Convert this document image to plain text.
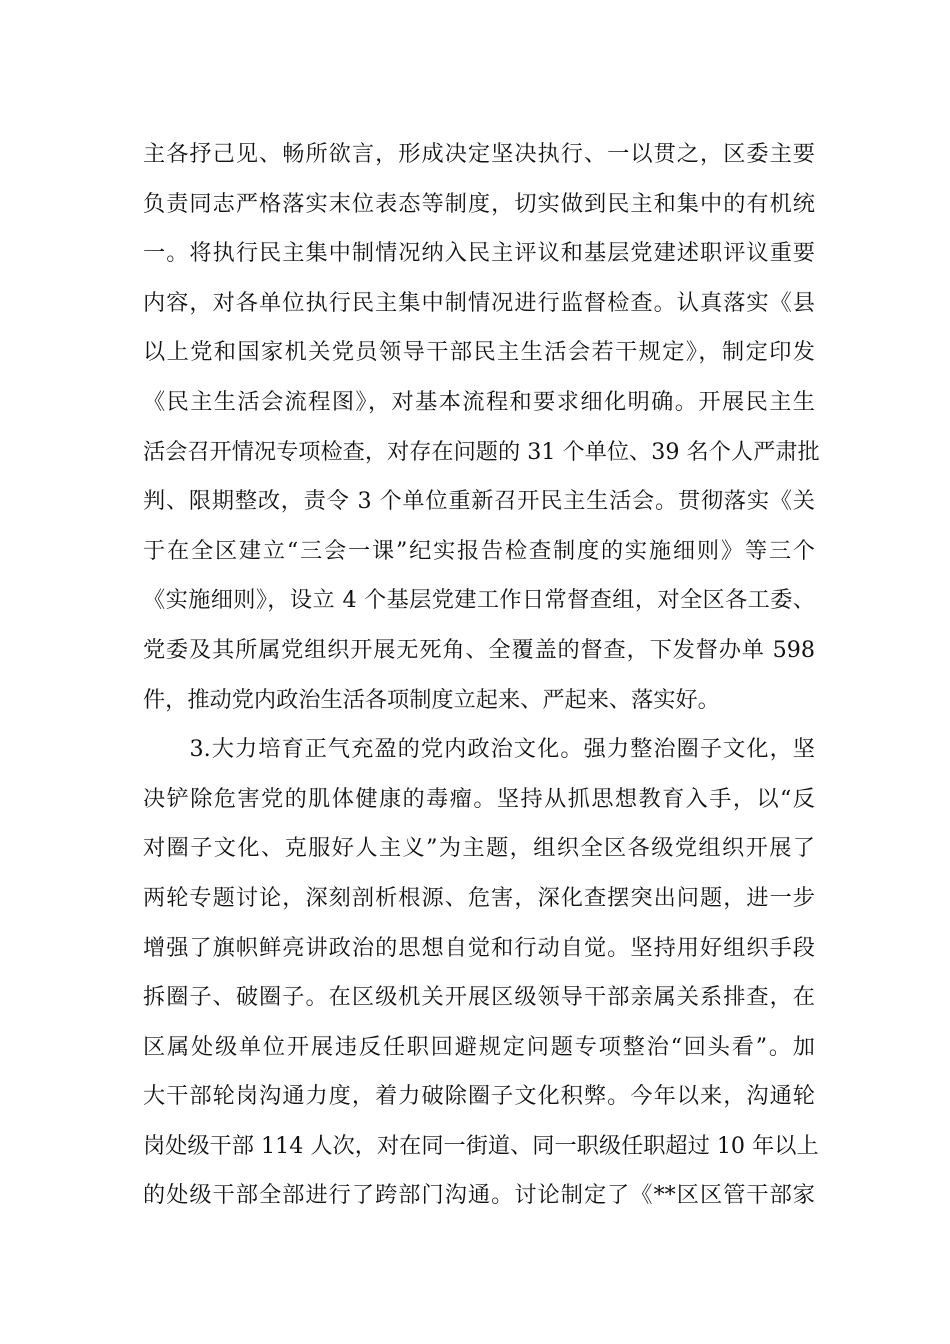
主各抒己见、畅所欲言，形成决定坚决执行、一以贯之，区委主要
负责同志严格落实末位表态等制度，切实做到民主和集中的有机统
一。将执行民主集中制情况纳入民主评议和基层党建述职评议重要
内容，对各单位执行民主集中制情况进行监督检查。认真落实《县
以上党和国家机关党员领导干部民主生活会若干规定》，制定印发
《民主生活会流程图》，对基本流程和要求细化明确。开展民主生
活会召开情况专项检查，对存在问题的 31 个单位、39 名个人严肃批
判、限期整改，责令 3 个单位重新召开民主生活会。贯彻落实《关
于在全区建立“三会一课”纪实报告检查制度的实施细则》等三个
《实施细则》，设立 4 个基层党建工作日常督查组，对全区各工委、
党委及其所属党组织开展无死角、全覆盖的督查，下发督办单 598
件，推动党内政治生活各项制度立起来、严起来、落实好。
　　3.大力培育正气充盈的党内政治文化。强力整治圈子文化，坚
决铲除危害党的肌体健康的毒瘤。坚持从抓思想教育入手，以“反
对圈子文化、克服好人主义”为主题，组织全区各级党组织开展了
两轮专题讨论，深刻剖析根源、危害，深化查摆突出问题，进一步
增强了旗帜鲜亮讲政治的思想自觉和行动自觉。坚持用好组织手段
拆圈子、破圈子。在区级机关开展区级领导干部亲属关系排查，在
区属处级单位开展违反任职回避规定问题专项整治“回头看”。加
大干部轮岗沟通力度，着力破除圈子文化积弊。今年以来，沟通轮
岗处级干部 114 人次，对在同一街道、同一职级任职超过 10 年以上
的处级干部全部进行了跨部门沟通。讨论制定了《**区区管干部家
